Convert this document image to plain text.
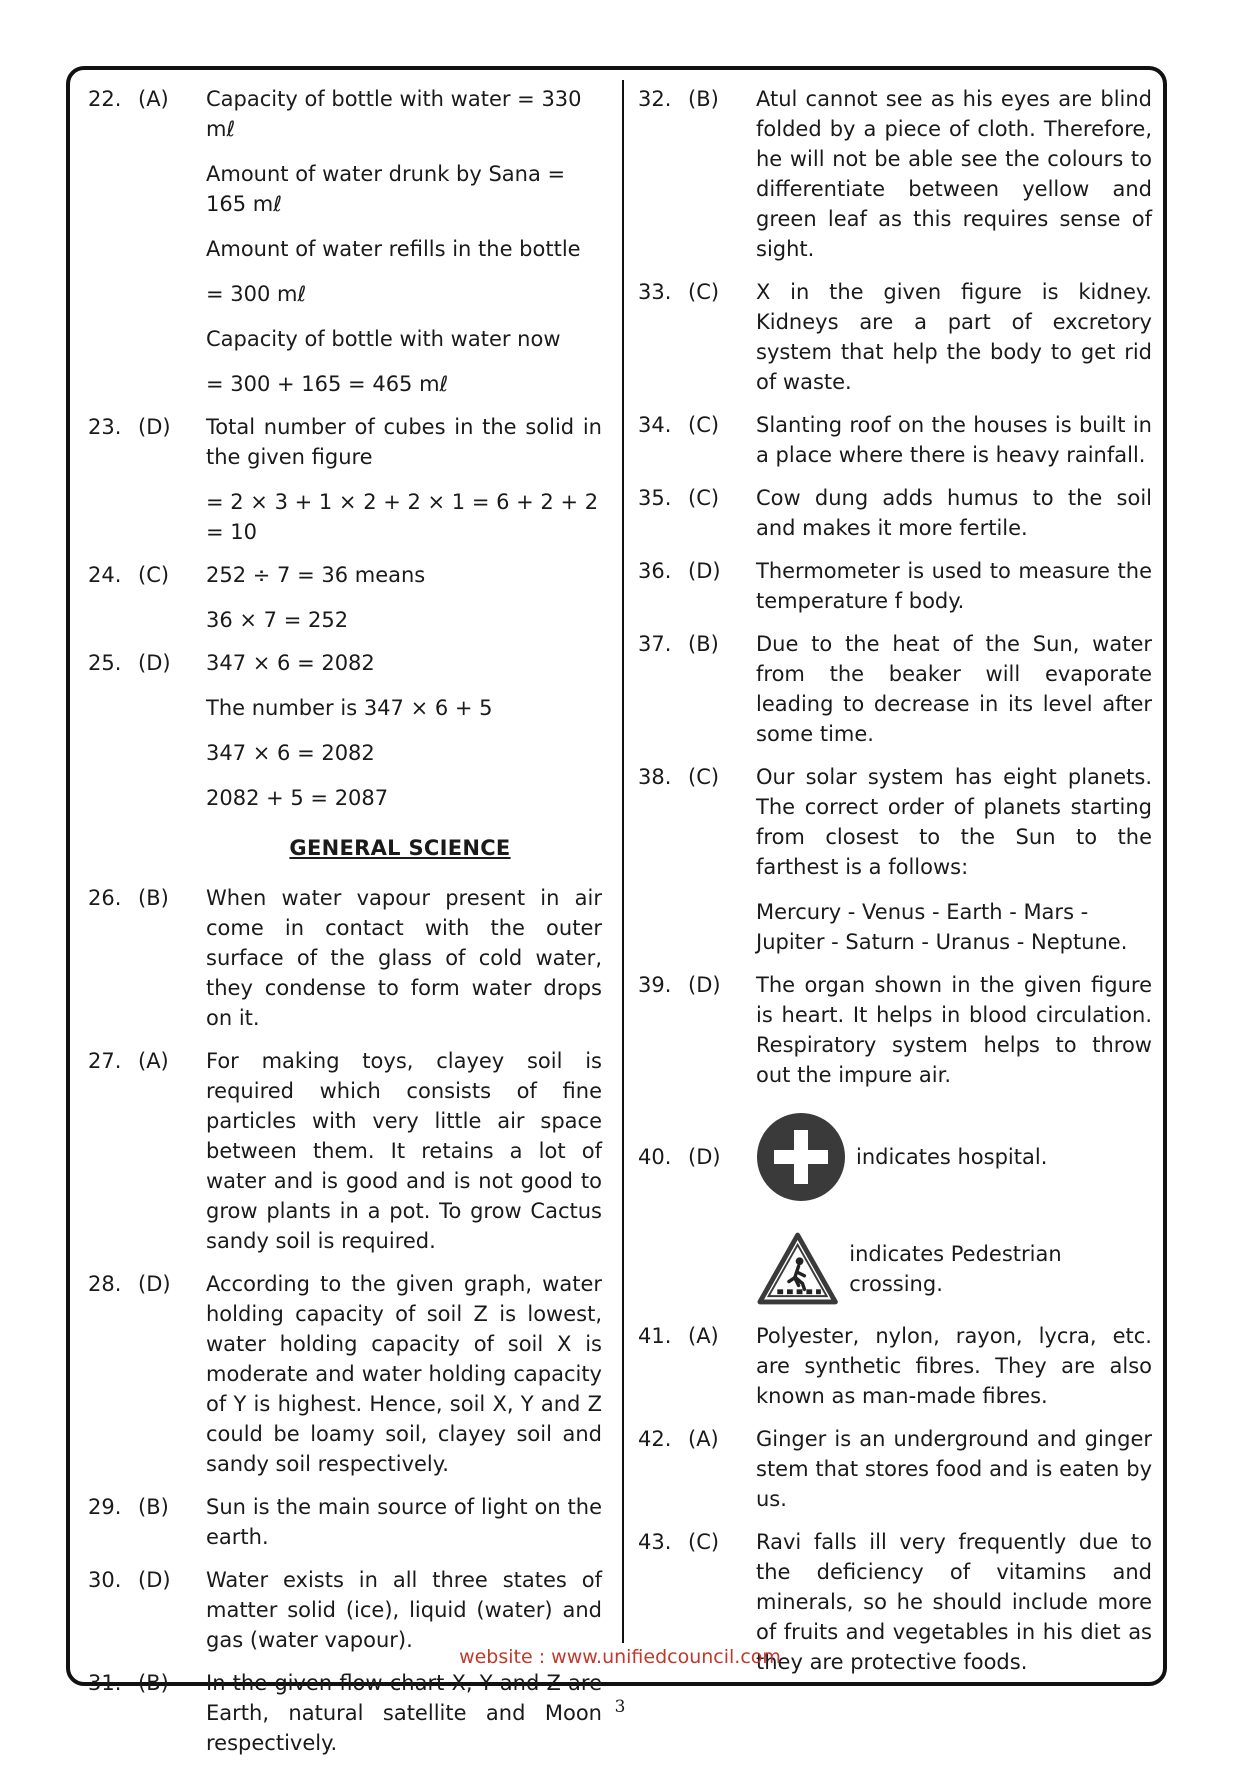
22. (A)	Capacity of bottle with water = 330 mℓ
Amount of water drunk by Sana = 165 mℓ
Amount of water refills in the bottle
= 300 mℓ
Capacity of bottle with water now
= 300 + 165 = 465 mℓ
23. (D)	Total number of cubes in the solid in the given figure
= 2 × 3 + 1 × 2 + 2 × 1 = 6 + 2 + 2 = 10
24. (C)	252 ÷ 7 = 36 means
36 × 7 = 252
25. (D)	347 × 6 = 2082
The number is 347 × 6 + 5
347 × 6 = 2082
2082 + 5 = 2087
GENERAL SCIENCE
26. (B)	When water vapour present in air come in contact with the outer surface of the glass of cold water, they condense to form water drops on it.
27. (A)	For making toys, clayey soil is required which consists of fine particles with very little air space between them. It retains a lot of water and is good and is not good to grow plants in a pot. To grow Cactus sandy soil is required.
28. (D)	According to the given graph, water holding capacity of soil Z is lowest, water holding capacity of soil X is moderate and water holding capacity of Y is highest. Hence, soil X, Y and Z could be loamy soil, clayey soil and sandy soil respectively.
29. (B)	Sun is the main source of light on the earth.
30. (D)	Water exists in all three states of matter solid (ice), liquid (water) and gas (water vapour).
31. (B)	In the given flow chart X, Y and Z are Earth, natural satellite and Moon respectively.
32. (B)	Atul cannot see as his eyes are blind folded by a piece of cloth. Therefore, he will not be able see the colours to differentiate between yellow and green leaf as this requires sense of sight.
33. (C)	X in the given figure is kidney. Kidneys are a part of excretory system that help the body to get rid of waste.
34. (C)	Slanting roof on the houses is built in a place where there is heavy rainfall.
35. (C)	Cow dung adds humus to the soil and makes it more fertile.
36. (D)	Thermometer is used to measure the temperature f body.
37. (B)	Due to the heat of the Sun, water from the beaker will evaporate leading to decrease in its level after some time.
38. (C)	Our solar system has eight planets. The correct order of planets starting from closest to the Sun to the farthest is a follows:
Mercury - Venus - Earth - Mars - Jupiter - Saturn - Uranus - Neptune.
39. (D)	The organ shown in the given figure is heart. It helps in blood circulation. Respiratory system helps to throw out the impure air.
40. (D)	indicates hospital.
indicates Pedestrian crossing.
41. (A)	Polyester, nylon, rayon, lycra, etc. are synthetic fibres. They are also known as man-made fibres.
42. (A)	Ginger is an underground and ginger stem that stores food and is eaten by us.
43. (C)	Ravi falls ill very frequently due to the deficiency of vitamins and minerals, so he should include more of fruits and vegetables in his diet as they are protective foods.
website : www.unifiedcouncil.com
3
